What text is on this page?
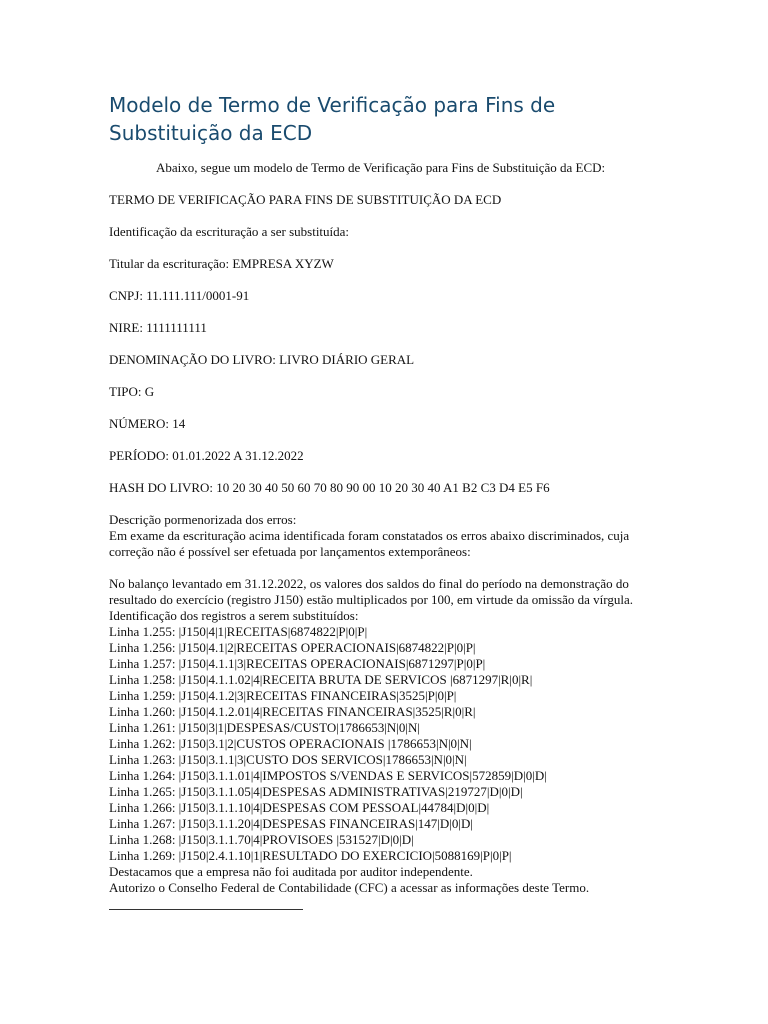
Modelo de Termo de Verificação para Fins de Substituição da ECD

Abaixo, segue um modelo de Termo de Verificação para Fins de Substituição da ECD:

TERMO DE VERIFICAÇÃO PARA FINS DE SUBSTITUIÇÃO DA ECD

Identificação da escrituração a ser substituída:

Titular da escrituração: EMPRESA XYZW

CNPJ: 11.111.111/0001-91

NIRE: 1111111111

DENOMINAÇÃO DO LIVRO: LIVRO DIÁRIO GERAL

TIPO: G

NÚMERO: 14

PERÍODO: 01.01.2022 A 31.12.2022

HASH DO LIVRO: 10 20 30 40 50 60 70 80 90 00 10 20 30 40 A1 B2 C3 D4 E5 F6

Descrição pormenorizada dos erros:

Em exame da escrituração acima identificada foram constatados os erros abaixo discriminados, cuja correção não é possível ser efetuada por lançamentos extemporâneos:

No balanço levantado em 31.12.2022, os valores dos saldos do final do período na demonstração do resultado do exercício (registro J150) estão multiplicados por 100, em virtude da omissão da vírgula.

Identificação dos registros a serem substituídos:

Linha 1.255: |J150|4|1|RECEITAS|6874822|P|0|P|

Linha 1.256: |J150|4.1|2|RECEITAS OPERACIONAIS|6874822|P|0|P|

Linha 1.257: |J150|4.1.1|3|RECEITAS OPERACIONAIS|6871297|P|0|P|

Linha 1.258: |J150|4.1.1.02|4|RECEITA BRUTA DE SERVICOS |6871297|R|0|R|

Linha 1.259: |J150|4.1.2|3|RECEITAS FINANCEIRAS|3525|P|0|P|

Linha 1.260: |J150|4.1.2.01|4|RECEITAS FINANCEIRAS|3525|R|0|R|

Linha 1.261: |J150|3|1|DESPESAS/CUSTO|1786653|N|0|N|

Linha 1.262: |J150|3.1|2|CUSTOS OPERACIONAIS |1786653|N|0|N|

Linha 1.263: |J150|3.1.1|3|CUSTO DOS SERVICOS|1786653|N|0|N|

Linha 1.264: |J150|3.1.1.01|4|IMPOSTOS S/VENDAS E SERVICOS|572859|D|0|D|

Linha 1.265: |J150|3.1.1.05|4|DESPESAS ADMINISTRATIVAS|219727|D|0|D|

Linha 1.266: |J150|3.1.1.10|4|DESPESAS COM PESSOAL|44784|D|0|D|

Linha 1.267: |J150|3.1.1.20|4|DESPESAS FINANCEIRAS|147|D|0|D|

Linha 1.268: |J150|3.1.1.70|4|PROVISOES |531527|D|0|D|

Linha 1.269: |J150|2.4.1.10|1|RESULTADO DO EXERCICIO|5088169|P|0|P|

Destacamos que a empresa não foi auditada por auditor independente.

Autorizo o Conselho Federal de Contabilidade (CFC) a acessar as informações deste Termo.
